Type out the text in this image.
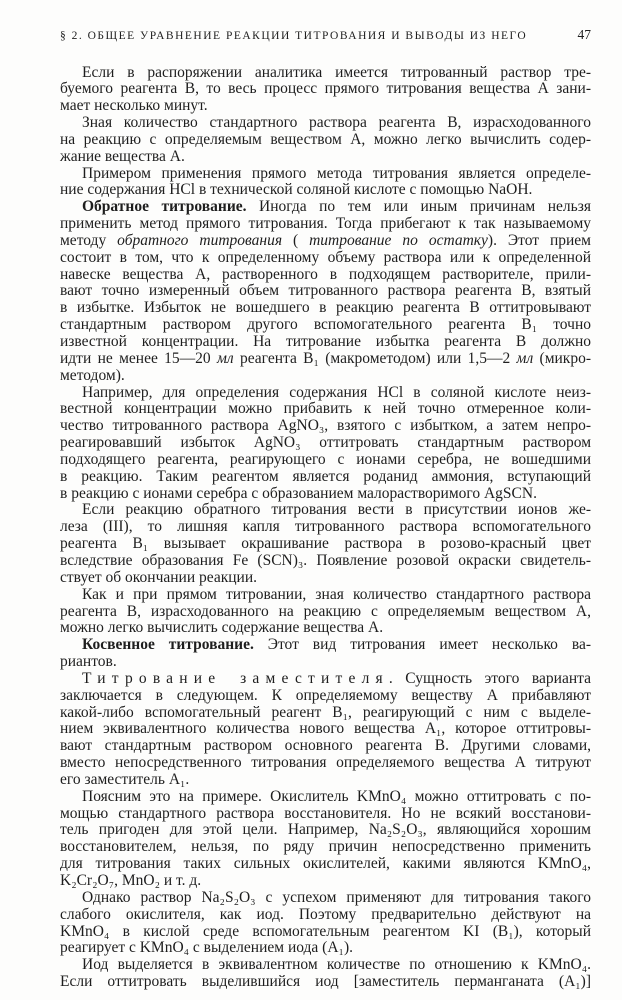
§ 2. ОБЩЕЕ УРАВНЕНИЕ РЕАКЦИИ ТИТРОВАНИЯ И ВЫВОДЫ ИЗ НЕГО	47
Если в распоряжении аналитика имеется титрованный раствор тре-
буемого реагента В, то весь процесс прямого титрования вещества А зани-
мает несколько минут.
Зная количество стандартного раствора реагента В, израсходованного
на реакцию с определяемым веществом А, можно легко вычислить содер-
жание вещества А.
Примером применения прямого метода титрования является определе-
ние содержания HCl в технической соляной кислоте с помощью NaOH.
Обратное титрование. Иногда по тем или иным причинам нельзя
применить метод прямого титрования. Тогда прибегают к так называемому
методу обратного титрования ( титрование по остатку). Этот прием
состоит в том, что к определенному объему раствора или к определенной
навеске вещества А, растворенного в подходящем растворителе, прили-
вают точно измеренный объем титрованного раствора реагента В, взятый
в избытке. Избыток не вошедшего в реакцию реагента В оттитровывают
стандартным раствором другого вспомогательного реагента В₁ точно
известной концентрации. На титрование избытка реагента В должно
идти не менее 15—20 мл реагента В₁ (макрометодом) или 1,5—2 мл (микро-
методом).
Например, для определения содержания HCl в соляной кислоте неиз-
вестной концентрации можно прибавить к ней точно отмеренное коли-
чество титрованного раствора AgNO₃, взятого с избытком, а затем непро-
реагировавший избыток AgNO₃ оттитровать стандартным раствором
подходящего реагента, реагирующего с ионами серебра, не вошедшими
в реакцию. Таким реагентом является роданид аммония, вступающий
в реакцию с ионами серебра с образованием малорастворимого AgSCN.
Если реакцию обратного титрования вести в присутствии ионов же-
леза (III), то лишняя капля титрованного раствора вспомогательного
реагента В₁ вызывает окрашивание раствора в розово-красный цвет
вследствие образования Fe (SCN)₃. Появление розовой окраски свидетель-
ствует об окончании реакции.
Как и при прямом титровании, зная количество стандартного раствора
реагента В, израсходованного на реакцию с определяемым веществом А,
можно легко вычислить содержание вещества А.
Косвенное титрование. Этот вид титрования имеет несколько ва-
риантов.
Титрование заместителя. Сущность этого варианта
заключается в следующем. К определяемому веществу А прибавляют
какой-либо вспомогательный реагент В₁, реагирующий с ним с выделе-
нием эквивалентного количества нового вещества А₁, которое оттитровы-
вают стандартным раствором основного реагента В. Другими словами,
вместо непосредственного титрования определяемого вещества А титруют
его заместитель А₁.
Поясним это на примере. Окислитель KMnO₄ можно оттитровать с по-
мощью стандартного раствора восстановителя. Но не всякий восстанови-
тель пригоден для этой цели. Например, Na₂S₂O₃, являющийся хорошим
восстановителем, нельзя, по ряду причин непосредственно применить
для титрования таких сильных окислителей, какими являются KMnO₄,
K₂Cr₂O₇, MnO₂ и т. д.
Однако раствор Na₂S₂O₃ с успехом применяют для титрования такого
слабого окислителя, как иод. Поэтому предварительно действуют на
KMnO₄ в кислой среде вспомогательным реагентом KI (В₁), который
реагирует с KMnO₄ с выделением иода (А₁).
Иод выделяется в эквивалентном количестве по отношению к KMnO₄.
Если оттитровать выделившийся иод [заместитель перманганата (А₁)]
